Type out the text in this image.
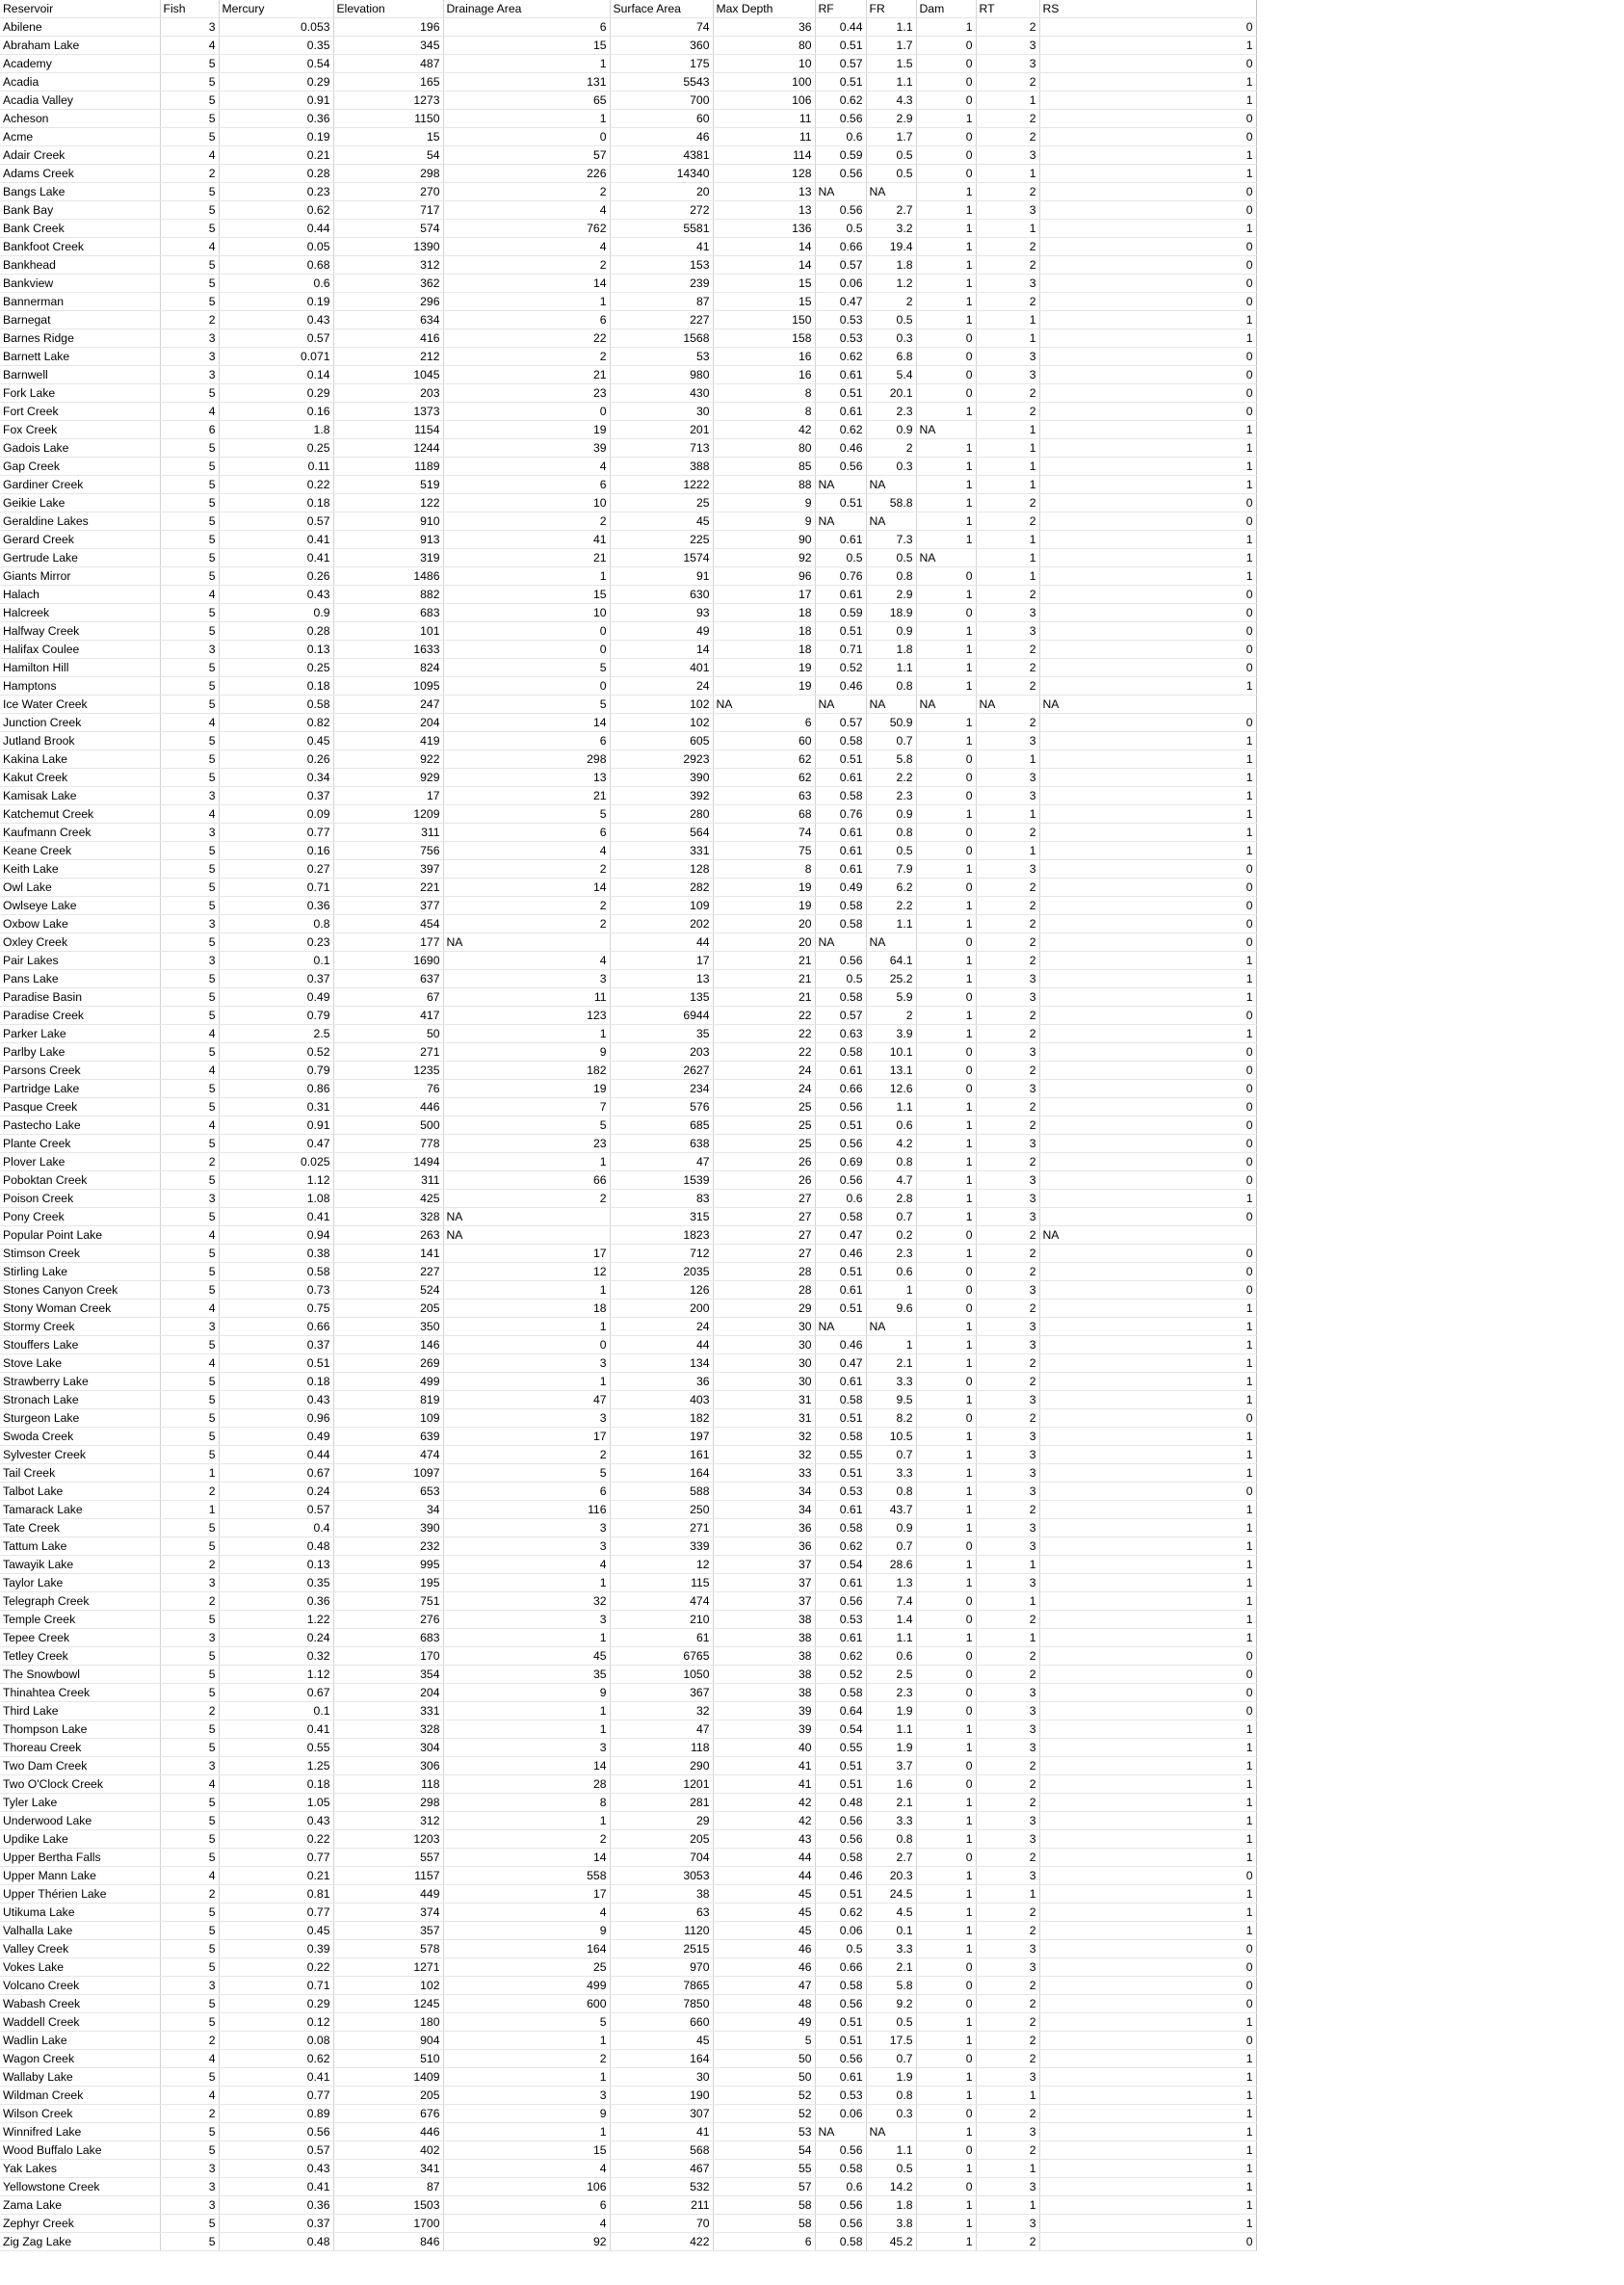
Reservoir	Fish	Mercury	Elevation	Drainage Area	Surface Area	Max Depth	RF	FR	Dam	RT	RS
Abilene	3	0.053	196	6	74	36	0.44	1.1	1	2	0
Abraham Lake	4	0.35	345	15	360	80	0.51	1.7	0	3	1
Academy	5	0.54	487	1	175	10	0.57	1.5	0	3	0
Acadia	5	0.29	165	131	5543	100	0.51	1.1	0	2	1
Acadia Valley	5	0.91	1273	65	700	106	0.62	4.3	0	1	1
Acheson	5	0.36	1150	1	60	11	0.56	2.9	1	2	0
Acme	5	0.19	15	0	46	11	0.6	1.7	0	2	0
Adair Creek	4	0.21	54	57	4381	114	0.59	0.5	0	3	1
Adams Creek	2	0.28	298	226	14340	128	0.56	0.5	0	1	1
Bangs Lake	5	0.23	270	2	20	13	NA	NA	1	2	0
Bank Bay	5	0.62	717	4	272	13	0.56	2.7	1	3	0
Bank Creek	5	0.44	574	762	5581	136	0.5	3.2	1	1	1
Bankfoot Creek	4	0.05	1390	4	41	14	0.66	19.4	1	2	0
Bankhead	5	0.68	312	2	153	14	0.57	1.8	1	2	0
Bankview	5	0.6	362	14	239	15	0.06	1.2	1	3	0
Bannerman	5	0.19	296	1	87	15	0.47	2	1	2	0
Barnegat	2	0.43	634	6	227	150	0.53	0.5	1	1	1
Barnes Ridge	3	0.57	416	22	1568	158	0.53	0.3	0	1	1
Barnett Lake	3	0.071	212	2	53	16	0.62	6.8	0	3	0
Barnwell	3	0.14	1045	21	980	16	0.61	5.4	0	3	0
Fork Lake	5	0.29	203	23	430	8	0.51	20.1	0	2	0
Fort Creek	4	0.16	1373	0	30	8	0.61	2.3	1	2	0
Fox Creek	6	1.8	1154	19	201	42	0.62	0.9	NA	1	1
Gadois Lake	5	0.25	1244	39	713	80	0.46	2	1	1	1
Gap Creek	5	0.11	1189	4	388	85	0.56	0.3	1	1	1
Gardiner Creek	5	0.22	519	6	1222	88	NA	NA	1	1	1
Geikie Lake	5	0.18	122	10	25	9	0.51	58.8	1	2	0
Geraldine Lakes	5	0.57	910	2	45	9	NA	NA	1	2	0
Gerard Creek	5	0.41	913	41	225	90	0.61	7.3	1	1	1
Gertrude Lake	5	0.41	319	21	1574	92	0.5	0.5	NA	1	1
Giants Mirror	5	0.26	1486	1	91	96	0.76	0.8	0	1	1
Halach	4	0.43	882	15	630	17	0.61	2.9	1	2	0
Halcreek	5	0.9	683	10	93	18	0.59	18.9	0	3	0
Halfway Creek	5	0.28	101	0	49	18	0.51	0.9	1	3	0
Halifax Coulee	3	0.13	1633	0	14	18	0.71	1.8	1	2	0
Hamilton Hill	5	0.25	824	5	401	19	0.52	1.1	1	2	0
Hamptons	5	0.18	1095	0	24	19	0.46	0.8	1	2	1
Ice Water Creek	5	0.58	247	5	102	NA	NA	NA	NA	NA	NA
Junction Creek	4	0.82	204	14	102	6	0.57	50.9	1	2	0
Jutland Brook	5	0.45	419	6	605	60	0.58	0.7	1	3	1
Kakina Lake	5	0.26	922	298	2923	62	0.51	5.8	0	1	1
Kakut Creek	5	0.34	929	13	390	62	0.61	2.2	0	3	1
Kamisak Lake	3	0.37	17	21	392	63	0.58	2.3	0	3	1
Katchemut Creek	4	0.09	1209	5	280	68	0.76	0.9	1	1	1
Kaufmann Creek	3	0.77	311	6	564	74	0.61	0.8	0	2	1
Keane Creek	5	0.16	756	4	331	75	0.61	0.5	0	1	1
Keith Lake	5	0.27	397	2	128	8	0.61	7.9	1	3	0
Owl Lake	5	0.71	221	14	282	19	0.49	6.2	0	2	0
Owlseye Lake	5	0.36	377	2	109	19	0.58	2.2	1	2	0
Oxbow Lake	3	0.8	454	2	202	20	0.58	1.1	1	2	0
Oxley Creek	5	0.23	177	NA	44	20	NA	NA	0	2	0
Pair Lakes	3	0.1	1690	4	17	21	0.56	64.1	1	2	1
Pans Lake	5	0.37	637	3	13	21	0.5	25.2	1	3	1
Paradise Basin	5	0.49	67	11	135	21	0.58	5.9	0	3	1
Paradise Creek	5	0.79	417	123	6944	22	0.57	2	1	2	0
Parker Lake	4	2.5	50	1	35	22	0.63	3.9	1	2	1
Parlby Lake	5	0.52	271	9	203	22	0.58	10.1	0	3	0
Parsons Creek	4	0.79	1235	182	2627	24	0.61	13.1	0	2	0
Partridge Lake	5	0.86	76	19	234	24	0.66	12.6	0	3	0
Pasque Creek	5	0.31	446	7	576	25	0.56	1.1	1	2	0
Pastecho Lake	4	0.91	500	5	685	25	0.51	0.6	1	2	0
Plante Creek	5	0.47	778	23	638	25	0.56	4.2	1	3	0
Plover Lake	2	0.025	1494	1	47	26	0.69	0.8	1	2	0
Poboktan Creek	5	1.12	311	66	1539	26	0.56	4.7	1	3	0
Poison Creek	3	1.08	425	2	83	27	0.6	2.8	1	3	1
Pony Creek	5	0.41	328	NA	315	27	0.58	0.7	1	3	0
Popular Point Lake	4	0.94	263	NA	1823	27	0.47	0.2	0	2	NA
Stimson Creek	5	0.38	141	17	712	27	0.46	2.3	1	2	0
Stirling Lake	5	0.58	227	12	2035	28	0.51	0.6	0	2	0
Stones Canyon Creek	5	0.73	524	1	126	28	0.61	1	0	3	0
Stony Woman Creek	4	0.75	205	18	200	29	0.51	9.6	0	2	1
Stormy Creek	3	0.66	350	1	24	30	NA	NA	1	3	1
Stouffers Lake	5	0.37	146	0	44	30	0.46	1	1	3	1
Stove Lake	4	0.51	269	3	134	30	0.47	2.1	1	2	1
Strawberry Lake	5	0.18	499	1	36	30	0.61	3.3	0	2	1
Stronach Lake	5	0.43	819	47	403	31	0.58	9.5	1	3	1
Sturgeon Lake	5	0.96	109	3	182	31	0.51	8.2	0	2	0
Swoda Creek	5	0.49	639	17	197	32	0.58	10.5	1	3	1
Sylvester Creek	5	0.44	474	2	161	32	0.55	0.7	1	3	1
Tail Creek	1	0.67	1097	5	164	33	0.51	3.3	1	3	1
Talbot Lake	2	0.24	653	6	588	34	0.53	0.8	1	3	0
Tamarack Lake	1	0.57	34	116	250	34	0.61	43.7	1	2	1
Tate Creek	5	0.4	390	3	271	36	0.58	0.9	1	3	1
Tattum Lake	5	0.48	232	3	339	36	0.62	0.7	0	3	1
Tawayik Lake	2	0.13	995	4	12	37	0.54	28.6	1	1	1
Taylor Lake	3	0.35	195	1	115	37	0.61	1.3	1	3	1
Telegraph Creek	2	0.36	751	32	474	37	0.56	7.4	0	1	1
Temple Creek	5	1.22	276	3	210	38	0.53	1.4	0	2	1
Tepee Creek	3	0.24	683	1	61	38	0.61	1.1	1	1	1
Tetley Creek	5	0.32	170	45	6765	38	0.62	0.6	0	2	0
The Snowbowl	5	1.12	354	35	1050	38	0.52	2.5	0	2	0
Thinahtea Creek	5	0.67	204	9	367	38	0.58	2.3	0	3	0
Third Lake	2	0.1	331	1	32	39	0.64	1.9	0	3	0
Thompson Lake	5	0.41	328	1	47	39	0.54	1.1	1	3	1
Thoreau Creek	5	0.55	304	3	118	40	0.55	1.9	1	3	1
Two Dam Creek	3	1.25	306	14	290	41	0.51	3.7	0	2	1
Two O'Clock Creek	4	0.18	118	28	1201	41	0.51	1.6	0	2	1
Tyler Lake	5	1.05	298	8	281	42	0.48	2.1	1	2	1
Underwood Lake	5	0.43	312	1	29	42	0.56	3.3	1	3	1
Updike Lake	5	0.22	1203	2	205	43	0.56	0.8	1	3	1
Upper Bertha Falls	5	0.77	557	14	704	44	0.58	2.7	0	2	1
Upper Mann Lake	4	0.21	1157	558	3053	44	0.46	20.3	1	3	0
Upper Thérien Lake	2	0.81	449	17	38	45	0.51	24.5	1	1	1
Utikuma Lake	5	0.77	374	4	63	45	0.62	4.5	1	2	1
Valhalla Lake	5	0.45	357	9	1120	45	0.06	0.1	1	2	1
Valley Creek	5	0.39	578	164	2515	46	0.5	3.3	1	3	0
Vokes Lake	5	0.22	1271	25	970	46	0.66	2.1	0	3	0
Volcano Creek	3	0.71	102	499	7865	47	0.58	5.8	0	2	0
Wabash Creek	5	0.29	1245	600	7850	48	0.56	9.2	0	2	0
Waddell Creek	5	0.12	180	5	660	49	0.51	0.5	1	2	1
Wadlin Lake	2	0.08	904	1	45	5	0.51	17.5	1	2	0
Wagon Creek	4	0.62	510	2	164	50	0.56	0.7	0	2	1
Wallaby Lake	5	0.41	1409	1	30	50	0.61	1.9	1	3	1
Wildman Creek	4	0.77	205	3	190	52	0.53	0.8	1	1	1
Wilson Creek	2	0.89	676	9	307	52	0.06	0.3	0	2	1
Winnifred Lake	5	0.56	446	1	41	53	NA	NA	1	3	1
Wood Buffalo Lake	5	0.57	402	15	568	54	0.56	1.1	0	2	1
Yak Lakes	3	0.43	341	4	467	55	0.58	0.5	1	1	1
Yellowstone Creek	3	0.41	87	106	532	57	0.6	14.2	0	3	1
Zama Lake	3	0.36	1503	6	211	58	0.56	1.8	1	1	1
Zephyr Creek	5	0.37	1700	4	70	58	0.56	3.8	1	3	1
Zig Zag Lake	5	0.48	846	92	422	6	0.58	45.2	1	2	0
